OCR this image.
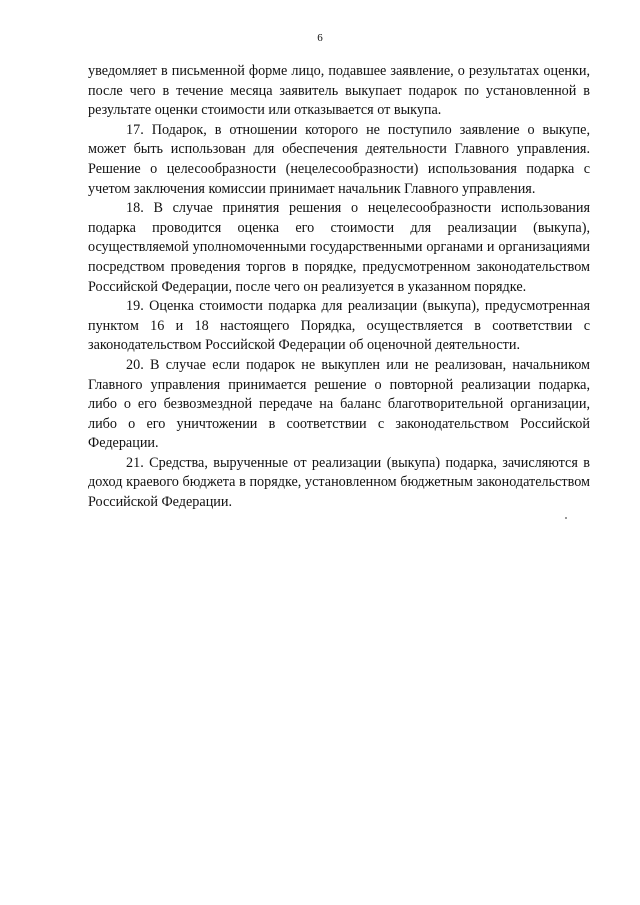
6

уведомляет в письменной форме лицо, подавшее заявление, о результатах оценки, после чего в течение месяца заявитель выкупает подарок по установленной в результате оценки стоимости или отказывается от выкупа.

17. Подарок, в отношении которого не поступило заявление о выкупе, может быть использован для обеспечения деятельности Главного управления. Решение о целесообразности (нецелесообразности) использования подарка с учетом заключения комиссии принимает начальник Главного управления.

18. В случае принятия решения о нецелесообразности использования подарка проводится оценка его стоимости для реализации (выкупа), осуществляемой уполномоченными государственными органами и организациями посредством проведения торгов в порядке, предусмотренном законодательством Российской Федерации, после чего он реализуется в указанном порядке.

19. Оценка стоимости подарка для реализации (выкупа), предусмотренная пунктом 16 и 18 настоящего Порядка, осуществляется в соответствии с законодательством Российской Федерации об оценочной деятельности.

20. В случае если подарок не выкуплен или не реализован, начальником Главного управления принимается решение о повторной реализации подарка, либо о его безвозмездной передаче на баланс благотворительной организации, либо о его уничтожении в соответствии с законодательством Российской Федерации.

21. Средства, вырученные от реализации (выкупа) подарка, зачисляются в доход краевого бюджета в порядке, установленном бюджетным законодательством Российской Федерации.
